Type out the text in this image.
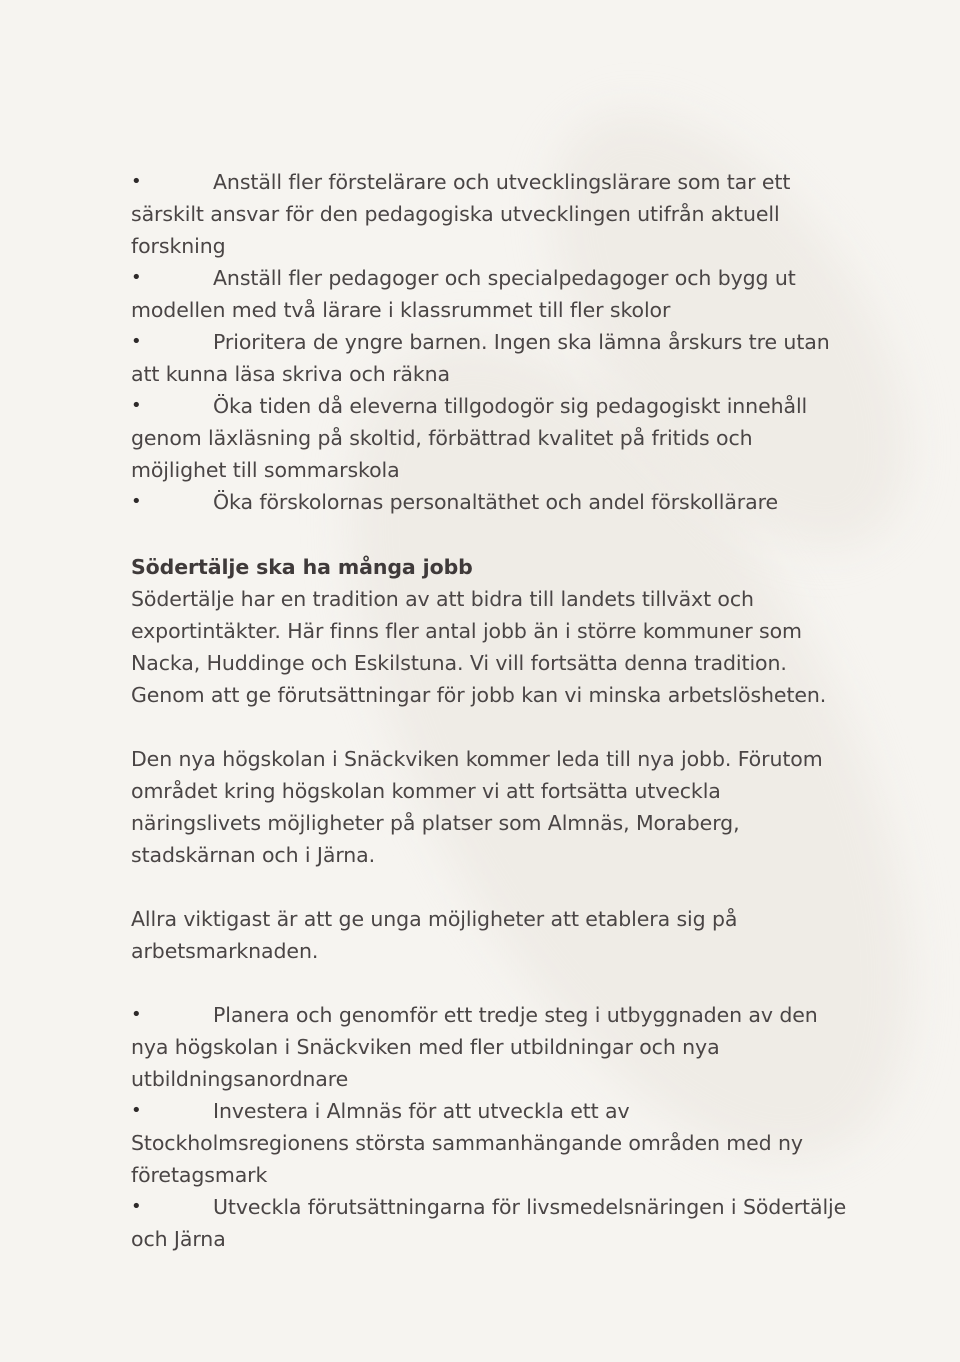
•	Anställ fler förstelärare och utvecklingslärare som tar ett särskilt ansvar för den pedagogiska utvecklingen utifrån aktuell forskning

•	Anställ fler pedagoger och specialpedagoger och bygg ut modellen med två lärare i klassrummet till fler skolor

•	Prioritera de yngre barnen. Ingen ska lämna årskurs tre utan att kunna läsa skriva och räkna

•	Öka tiden då eleverna tillgodogör sig pedagogiskt innehåll genom läxläsning på skoltid, förbättrad kvalitet på fritids och möjlighet till sommarskola

•	Öka förskolornas personaltäthet och andel förskollärare

Södertälje ska ha många jobb

Södertälje har en tradition av att bidra till landets tillväxt och exportintäkter. Här finns fler antal jobb än i större kommuner som Nacka, Huddinge och Eskilstuna. Vi vill fortsätta denna tradition. Genom att ge förutsättningar för jobb kan vi minska arbetslösheten.

Den nya högskolan i Snäckviken kommer leda till nya jobb. Förutom området kring högskolan kommer vi att fortsätta utveckla näringslivets möjligheter på platser som Almnäs, Moraberg, stadskärnan och i Järna.

Allra viktigast är att ge unga möjligheter att etablera sig på arbetsmarknaden.

•	Planera och genomför ett tredje steg i utbyggnaden av den nya högskolan i Snäckviken med fler utbildningar och nya utbildningsanordnare

•	Investera i Almnäs för att utveckla ett av Stockholmsregionens största sammanhängande områden med ny företagsmark

•	Utveckla förutsättningarna för livsmedelsnäringen i Södertälje och Järna
